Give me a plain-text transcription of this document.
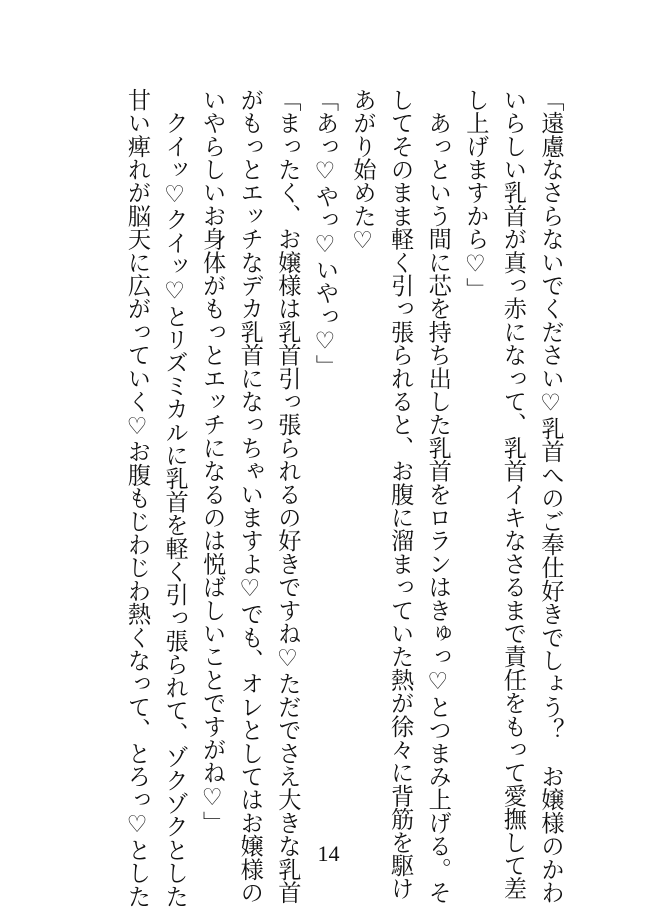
「遠慮なさらないでください♡乳首へのご奉仕好きでしょう？　お嬢様のかわ

いらしい乳首が真っ赤になって、乳首イキなさるまで責任をもって愛撫して差

し上げますから♡」

　あっという間に芯を持ち出した乳首をロランはきゅっ♡とつまみ上げる。そ

してそのまま軽く引っ張られると、お腹に溜まっていた熱が徐々に背筋を駆け

あがり始めた♡

「あっ♡やっ♡いやっ♡」

「まったく、お嬢様は乳首引っ張られるの好きですね♡ただでさえ大きな乳首

がもっとエッチなデカ乳首になっちゃいますよ♡でも、オレとしてはお嬢様の

いやらしいお身体がもっとエッチになるのは悦ばしいことですがね♡」

　クイッ♡クイッ♡とリズミカルに乳首を軽く引っ張られて、ゾクゾクとした

甘い痺れが脳天に広がっていく♡お腹もじわじわ熱くなって、とろっ♡とした	14
